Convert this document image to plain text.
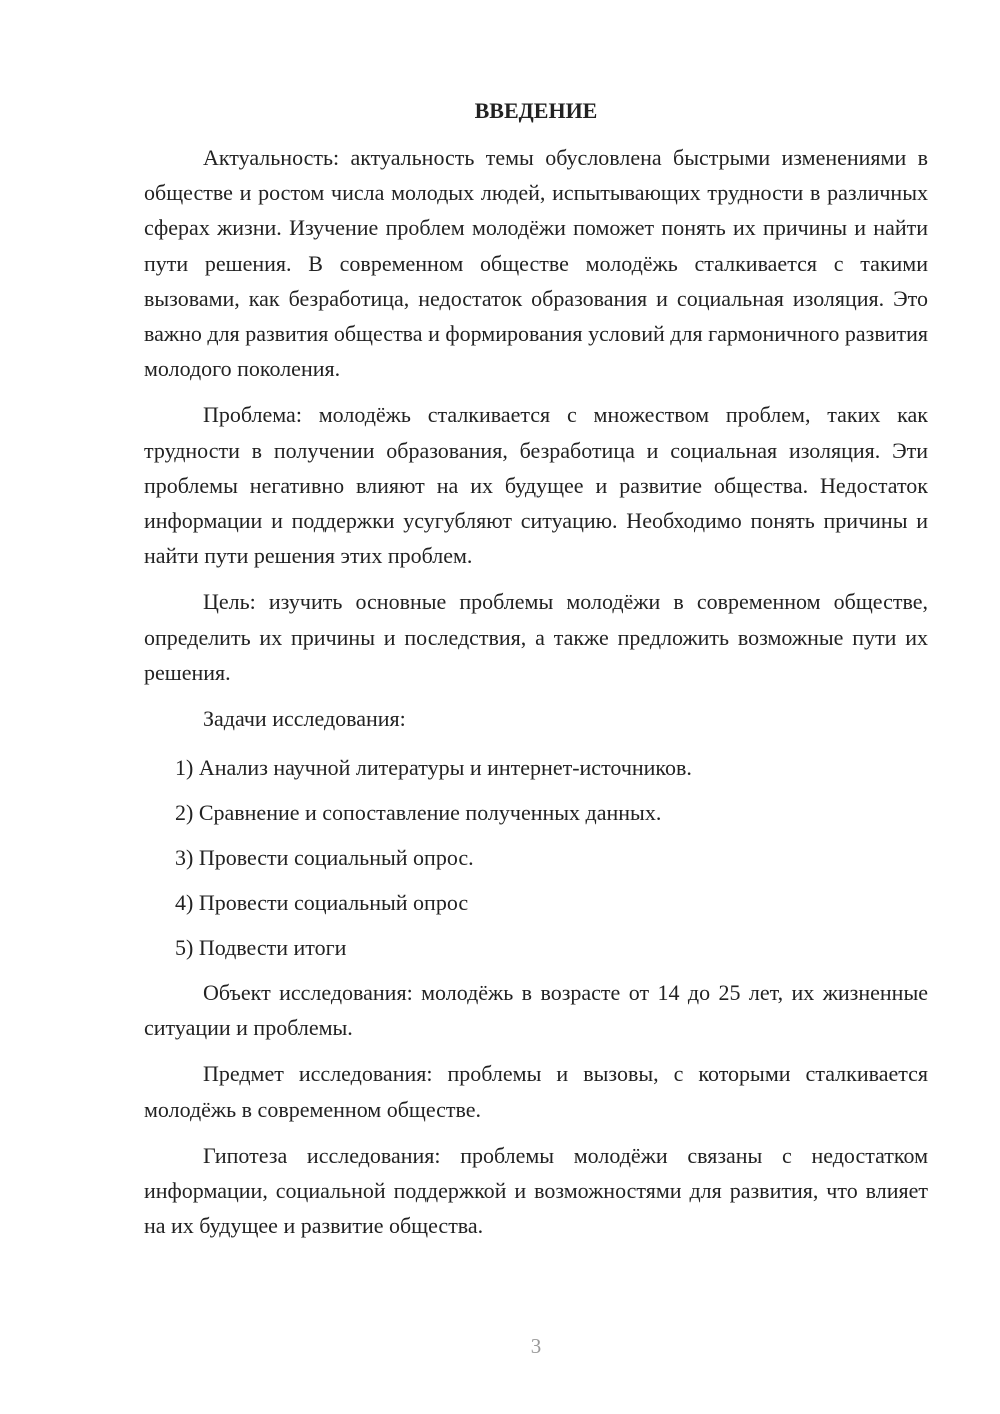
ВВЕДЕНИЕ

Актуальность: актуальность темы обусловлена быстрыми изменениями в обществе и ростом числа молодых людей, испытывающих трудности в различных сферах жизни. Изучение проблем молодёжи поможет понять их причины и найти пути решения. В современном обществе молодёжь сталкивается с такими вызовами, как безработица, недостаток образования и социальная изоляция. Это важно для развития общества и формирования условий для гармоничного развития молодого поколения.

Проблема: молодёжь сталкивается с множеством проблем, таких как трудности в получении образования, безработица и социальная изоляция. Эти проблемы негативно влияют на их будущее и развитие общества. Недостаток информации и поддержки усугубляют ситуацию. Необходимо понять причины и найти пути решения этих проблем.

Цель: изучить основные проблемы молодёжи в современном обществе, определить их причины и последствия, а также предложить возможные пути их решения.

Задачи исследования:

1) Анализ научной литературы и интернет-источников.
2) Сравнение и сопоставление полученных данных.
3) Провести социальный опрос.
4) Провести социальный опрос
5) Подвести итоги

Объект исследования: молодёжь в возрасте от 14 до 25 лет, их жизненные ситуации и проблемы.

Предмет исследования: проблемы и вызовы, с которыми сталкивается молодёжь в современном обществе.

Гипотеза исследования: проблемы молодёжи связаны с недостатком информации, социальной поддержкой и возможностями для развития, что влияет на их будущее и развитие общества.

3
